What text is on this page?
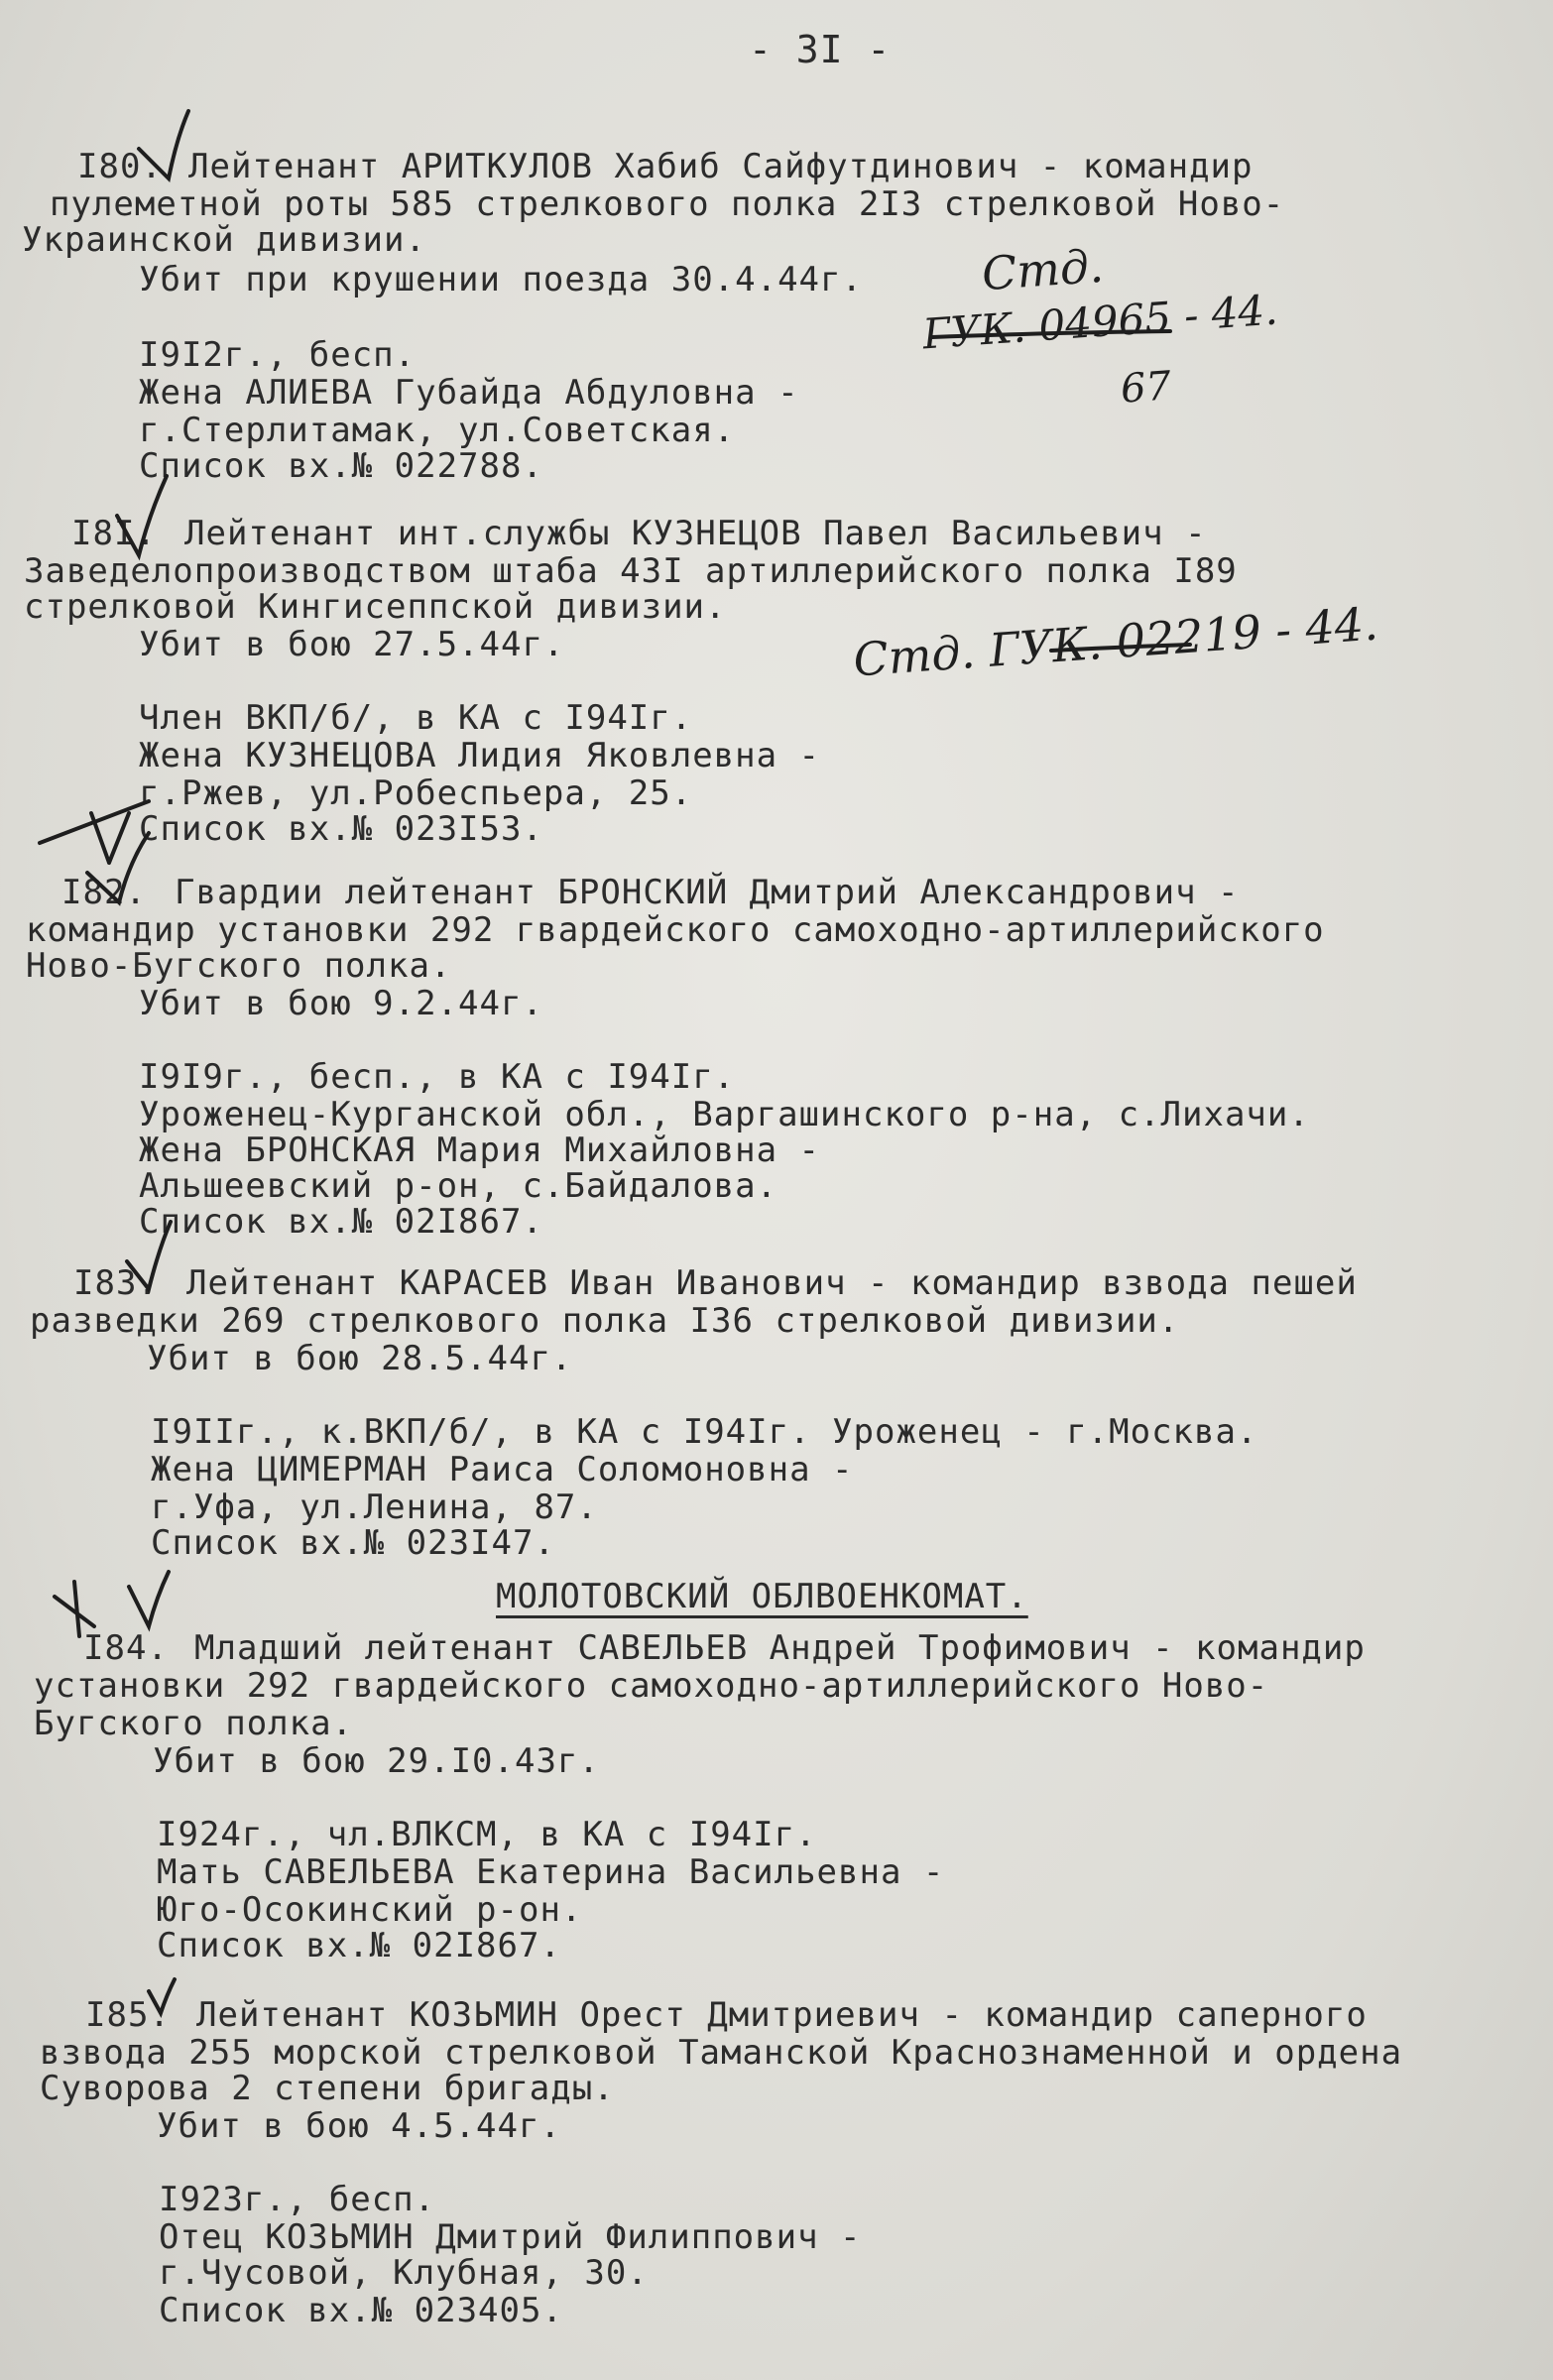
- 3I -
I80. Лейтенант АРИТКУЛОВ Хабиб Сайфутдинович - командир
пулеметной роты 585 стрелкового полка 2I3 стрелковой Ново-
Украинской дивизии.
Убит при крушении поезда 30.4.44г.
I9I2г., бесп.
Жена АЛИЕВА Губайда Абдуловна -
г.Стерлитамак, ул.Советская.
Список вх.№ 022788.
Стд.
ГУК. 04965 - 44.
67
I8I. Лейтенант инт.службы КУЗНЕЦОВ Павел Васильевич -
Заведелопроизводством штаба 43I артиллерийского полка I89
стрелковой Кингисеппской дивизии.
Убит в бою 27.5.44г.
Член ВКП/б/, в КА с I94Iг.
Жена КУЗНЕЦОВА Лидия Яковлевна -
г.Ржев, ул.Робеспьера, 25.
Список вх.№ 023I53.
Стд. ГУК. 02219 - 44.
I82. Гвардии лейтенант БРОНСКИЙ Дмитрий Александрович -
командир установки 292 гвардейского самоходно-артиллерийского
Ново-Бугского полка.
Убит в бою 9.2.44г.
I9I9г., бесп., в КА с I94Iг.
Уроженец-Курганской обл., Варгашинского р-на, с.Лихачи.
Жена БРОНСКАЯ Мария Михайловна -
Альшеевский р-он, с.Байдалова.
Список вх.№ 02I867.
I83. Лейтенант КАРАСЕВ Иван Иванович - командир взвода пешей
разведки 269 стрелкового полка I36 стрелковой дивизии.
Убит в бою 28.5.44г.
I9IIг., к.ВКП/б/, в КА с I94Iг. Уроженец - г.Москва.
Жена ЦИМЕРМАН Раиса Соломоновна -
г.Уфа, ул.Ленина, 87.
Список вх.№ 023I47.
МОЛОТОВСКИЙ ОБЛВОЕНКОМАТ.
I84. Младший лейтенант САВЕЛЬЕВ Андрей Трофимович - командир
установки 292 гвардейского самоходно-артиллерийского Ново-
Бугского полка.
Убит в бою 29.I0.43г.
I924г., чл.ВЛКСМ, в КА с I94Iг.
Мать САВЕЛЬЕВА Екатерина Васильевна -
Юго-Осокинский р-он.
Список вх.№ 02I867.
I85. Лейтенант КОЗЬМИН Орест Дмитриевич - командир саперного
взвода 255 морской стрелковой Таманской Краснознаменной и ордена
Суворова 2 степени бригады.
Убит в бою 4.5.44г.
I923г., бесп.
Отец КОЗЬМИН Дмитрий Филиппович -
г.Чусовой, Клубная, 30.
Список вх.№ 023405.
